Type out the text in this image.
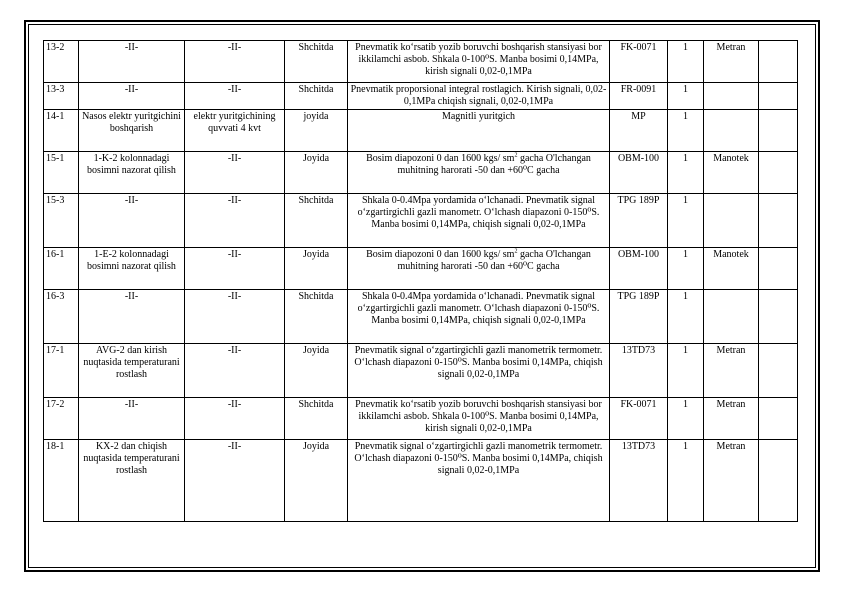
13-2	-II-	-II-	Shchitda	Pnevmatik ko‘rsatib yozib boruvchi boshqarish stansiyasi bor ikkilamchi asbob. Shkala 0-100⁰S. Manba bosimi 0,14MPa, kirish signali 0,02-0,1MPa	FK-0071	1	Metran	
13-3	-II-	-II-	Shchitda	Pnevmatik proporsional integral rostlagich. Kirish signali, 0,02-0,1MPa chiqish signali, 0,02-0,1MPa	FR-0091	1		
14-1	Nasos elektr yuritgichini boshqarish	elektr yuritgichining quvvati 4 kvt	joyida	Magnitli yuritgich	MP	1		
15-1	1-K-2 kolonnadagi bosimni nazorat qilish	-II-	Joyida	Bosim diapozoni 0 dan 1600 kgs/ $sm^2$ gacha O'lchangan muhitning harorati -50 dan +60⁰C gacha	OBM-100	1	Manotek	
15-3	-II-	-II-	Shchitda	Shkala 0-0.4Mpa yordamida o‘lchanadi. Pnevmatik signal o‘zgartirgichli gazli manometr. O‘lchash diapazoni 0-150⁰S. Manba bosimi 0,14MPa, chiqish signali 0,02-0,1MPa	TPG 189P	1		
16-1	1-E-2 kolonnadagi bosimni nazorat qilish	-II-	Joyida	Bosim diapozoni 0 dan 1600 kgs/ $sm^2$ gacha O'lchangan muhitning harorati -50 dan +60⁰C gacha	OBM-100	1	Manotek	
16-3	-II-	-II-	Shchitda	Shkala 0-0.4Mpa yordamida o‘lchanadi. Pnevmatik signal o‘zgartirgichli gazli manometr. O‘lchash diapazoni 0-150⁰S. Manba bosimi 0,14MPa, chiqish signali 0,02-0,1MPa	TPG 189P	1		
17-1	AVG-2 dan kirish nuqtasida temperaturani rostlash	-II-	Joyida	Pnevmatik signal o‘zgartirgichli gazli manometrik termometr. O‘lchash diapazoni 0-150⁰S. Manba bosimi 0,14MPa, chiqish signali 0,02-0,1MPa	13TD73	1	Metran	
17-2	-II-	-II-	Shchitda	Pnevmatik ko‘rsatib yozib boruvchi boshqarish stansiyasi bor ikkilamchi asbob. Shkala 0-100⁰S. Manba bosimi 0,14MPa, kirish signali 0,02-0,1MPa	FK-0071	1	Metran	
18-1	KX-2 dan chiqish nuqtasida temperaturani rostlash	-II-	Joyida	Pnevmatik signal o‘zgartirgichli gazli manometrik termometr. O‘lchash diapazoni 0-150⁰S. Manba bosimi 0,14MPa, chiqish signali 0,02-0,1MPa	13TD73	1	Metran	
